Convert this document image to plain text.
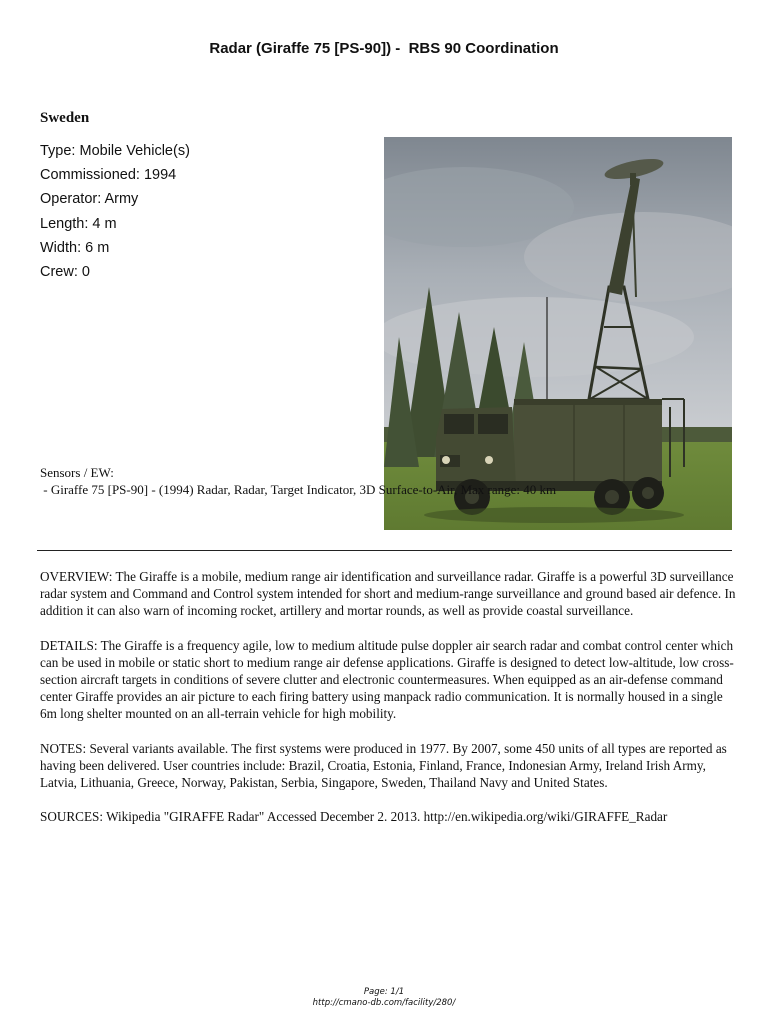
Radar (Giraffe 75 [PS-90]) -  RBS 90 Coordination
Sweden
Type: Mobile Vehicle(s)
Commissioned: 1994
Operator: Army
Length: 4 m
Width: 6 m
Crew: 0
Sensors / EW:
- Giraffe 75 [PS-90] - (1994) Radar, Radar, Target Indicator, 3D Surface-to-Air, Max range: 40 km

OVERVIEW: The Giraffe is a mobile, medium range air identification and surveillance radar. Giraffe is a powerful 3D surveillance radar system and Command and Control system intended for short and medium-range surveillance and ground based air defence. In addition it can also warn of incoming rocket, artillery and mortar rounds, as well as provide coastal surveillance.

DETAILS: The Giraffe is a frequency agile, low to medium altitude pulse doppler air search radar and combat control center which can be used in mobile or static short to medium range air defense applications. Giraffe is designed to detect low-altitude, low cross-section aircraft targets in conditions of severe clutter and electronic countermeasures. When equipped as an air-defense command center Giraffe provides an air picture to each firing battery using manpack radio communication. It is normally housed in a single 6m long shelter mounted on an all-terrain vehicle for high mobility.

NOTES: Several variants available. The first systems were produced in 1977. By 2007, some 450 units of all types are reported as having been delivered. User countries include: Brazil, Croatia, Estonia, Finland, France, Indonesian Army, Ireland Irish Army, Latvia, Lithuania, Greece, Norway, Pakistan, Serbia, Singapore, Sweden, Thailand Navy and United States.

SOURCES: Wikipedia "GIRAFFE Radar" Accessed December 2. 2013. http://en.wikipedia.org/wiki/GIRAFFE_Radar

Page: 1/1
http://cmano-db.com/facility/280/
